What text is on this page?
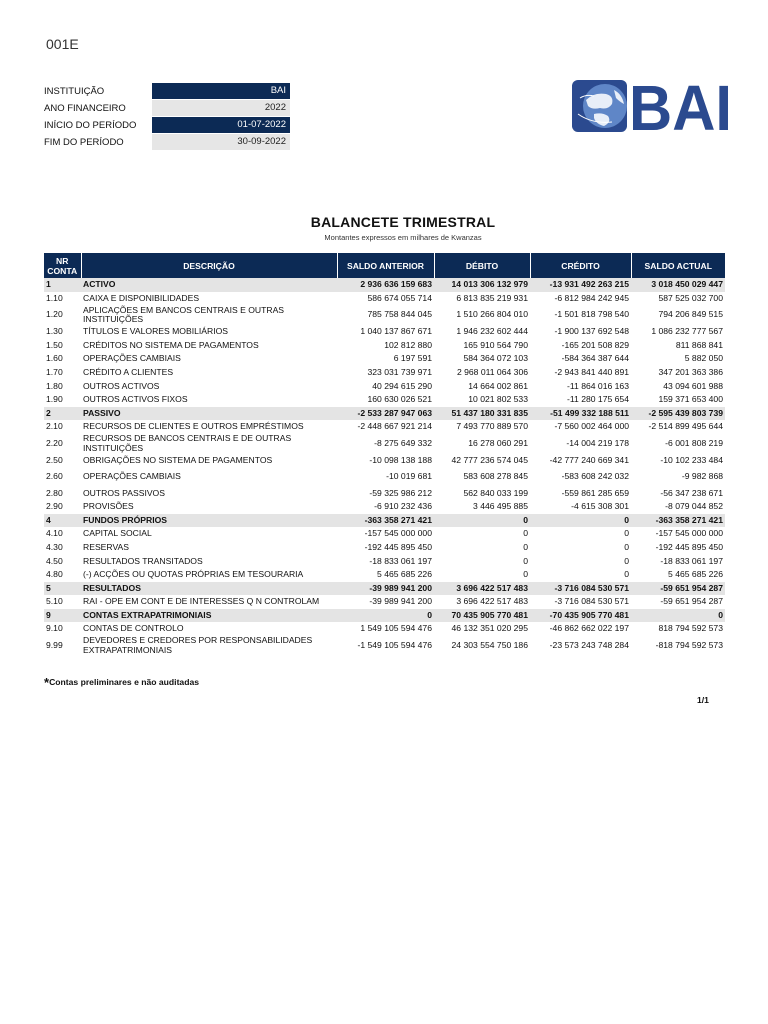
001E
INSTITUIÇÃO	BAI
ANO FINANCEIRO	2022
INÍCIO DO PERÍODO	01-07-2022
FIM DO PERÍODO	30-09-2022	BAI
BALANCETE TRIMESTRAL
Montantes expressos em milhares de Kwanzas
NR CONTA	DESCRIÇÃO	SALDO ANTERIOR	DÉBITO	CRÉDITO	SALDO ACTUAL
1	ACTIVO	2 936 636 159 683	14 013 306 132 979	-13 931 492 263 215	3 018 450 029 447
1.10	CAIXA E DISPONIBILIDADES	586 674 055 714	6 813 835 219 931	-6 812 984 242 945	587 525 032 700
1.20	APLICAÇÕES EM BANCOS CENTRAIS E OUTRAS INSTITUIÇÕES	785 758 844 045	1 510 266 804 010	-1 501 818 798 540	794 206 849 515
1.30	TÍTULOS E VALORES MOBILIÁRIOS	1 040 137 867 671	1 946 232 602 444	-1 900 137 692 548	1 086 232 777 567
1.50	CRÉDITOS NO SISTEMA DE PAGAMENTOS	102 812 880	165 910 564 790	-165 201 508 829	811 868 841
1.60	OPERAÇÕES CAMBIAIS	6 197 591	584 364 072 103	-584 364 387 644	5 882 050
1.70	CRÉDITO A CLIENTES	323 031 739 971	2 968 011 064 306	-2 943 841 440 891	347 201 363 386
1.80	OUTROS ACTIVOS	40 294 615 290	14 664 002 861	-11 864 016 163	43 094 601 988
1.90	OUTROS ACTIVOS FIXOS	160 630 026 521	10 021 802 533	-11 280 175 654	159 371 653 400
2	PASSIVO	-2 533 287 947 063	51 437 180 331 835	-51 499 332 188 511	-2 595 439 803 739
2.10	RECURSOS DE CLIENTES E OUTROS EMPRÉSTIMOS	-2 448 667 921 214	7 493 770 889 570	-7 560 002 464 000	-2 514 899 495 644
2.20	RECURSOS DE BANCOS CENTRAIS E DE OUTRAS INSTITUIÇÕES	-8 275 649 332	16 278 060 291	-14 004 219 178	-6 001 808 219
2.50	OBRIGAÇÕES NO SISTEMA DE PAGAMENTOS	-10 098 138 188	42 777 236 574 045	-42 777 240 669 341	-10 102 233 484
2.60	OPERAÇÕES CAMBIAIS	-10 019 681	583 608 278 845	-583 608 242 032	-9 982 868
2.80	OUTROS PASSIVOS	-59 325 986 212	562 840 033 199	-559 861 285 659	-56 347 238 671
2.90	PROVISÕES	-6 910 232 436	3 446 495 885	-4 615 308 301	-8 079 044 852
4	FUNDOS PRÓPRIOS	-363 358 271 421	0	0	-363 358 271 421
4.10	CAPITAL SOCIAL	-157 545 000 000	0	0	-157 545 000 000
4.30	RESERVAS	-192 445 895 450	0	0	-192 445 895 450
4.50	RESULTADOS TRANSITADOS	-18 833 061 197	0	0	-18 833 061 197
4.80	(-) ACÇÕES OU QUOTAS PRÓPRIAS EM TESOURARIA	5 465 685 226	0	0	5 465 685 226
5	RESULTADOS	-39 989 941 200	3 696 422 517 483	-3 716 084 530 571	-59 651 954 287
5.10	RAI - OPE EM CONT E DE INTERESSES Q N CONTROLAM	-39 989 941 200	3 696 422 517 483	-3 716 084 530 571	-59 651 954 287
9	CONTAS EXTRAPATRIMONIAIS	0	70 435 905 770 481	-70 435 905 770 481	0
9.10	CONTAS DE CONTROLO	1 549 105 594 476	46 132 351 020 295	-46 862 662 022 197	818 794 592 573
9.99	DEVEDORES E CREDORES POR RESPONSABILIDADES EXTRAPATRIMONIAIS	-1 549 105 594 476	24 303 554 750 186	-23 573 243 748 284	-818 794 592 573
*Contas preliminares e não auditadas
1/1
